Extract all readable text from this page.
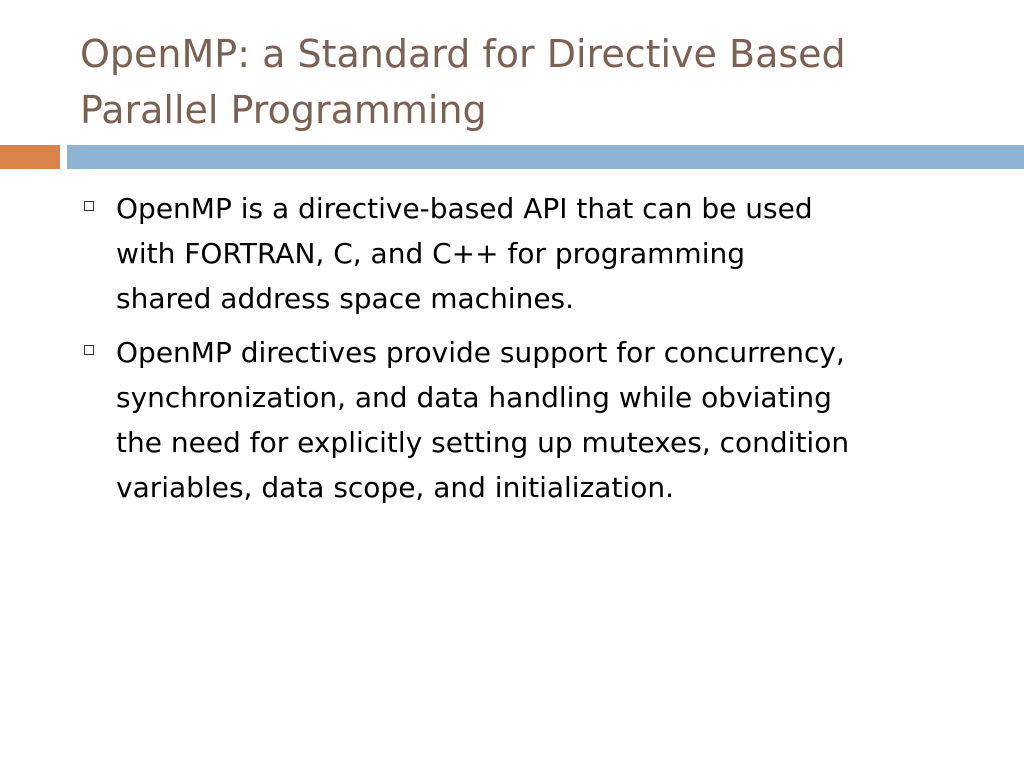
OpenMP: a Standard for Directive Based
Parallel Programming
OpenMP is a directive-based API that can be used
with FORTRAN, C, and C++ for programming
shared address space machines.
OpenMP directives provide support for concurrency,
synchronization, and data handling while obviating
the need for explicitly setting up mutexes, condition
variables, data scope, and initialization.
